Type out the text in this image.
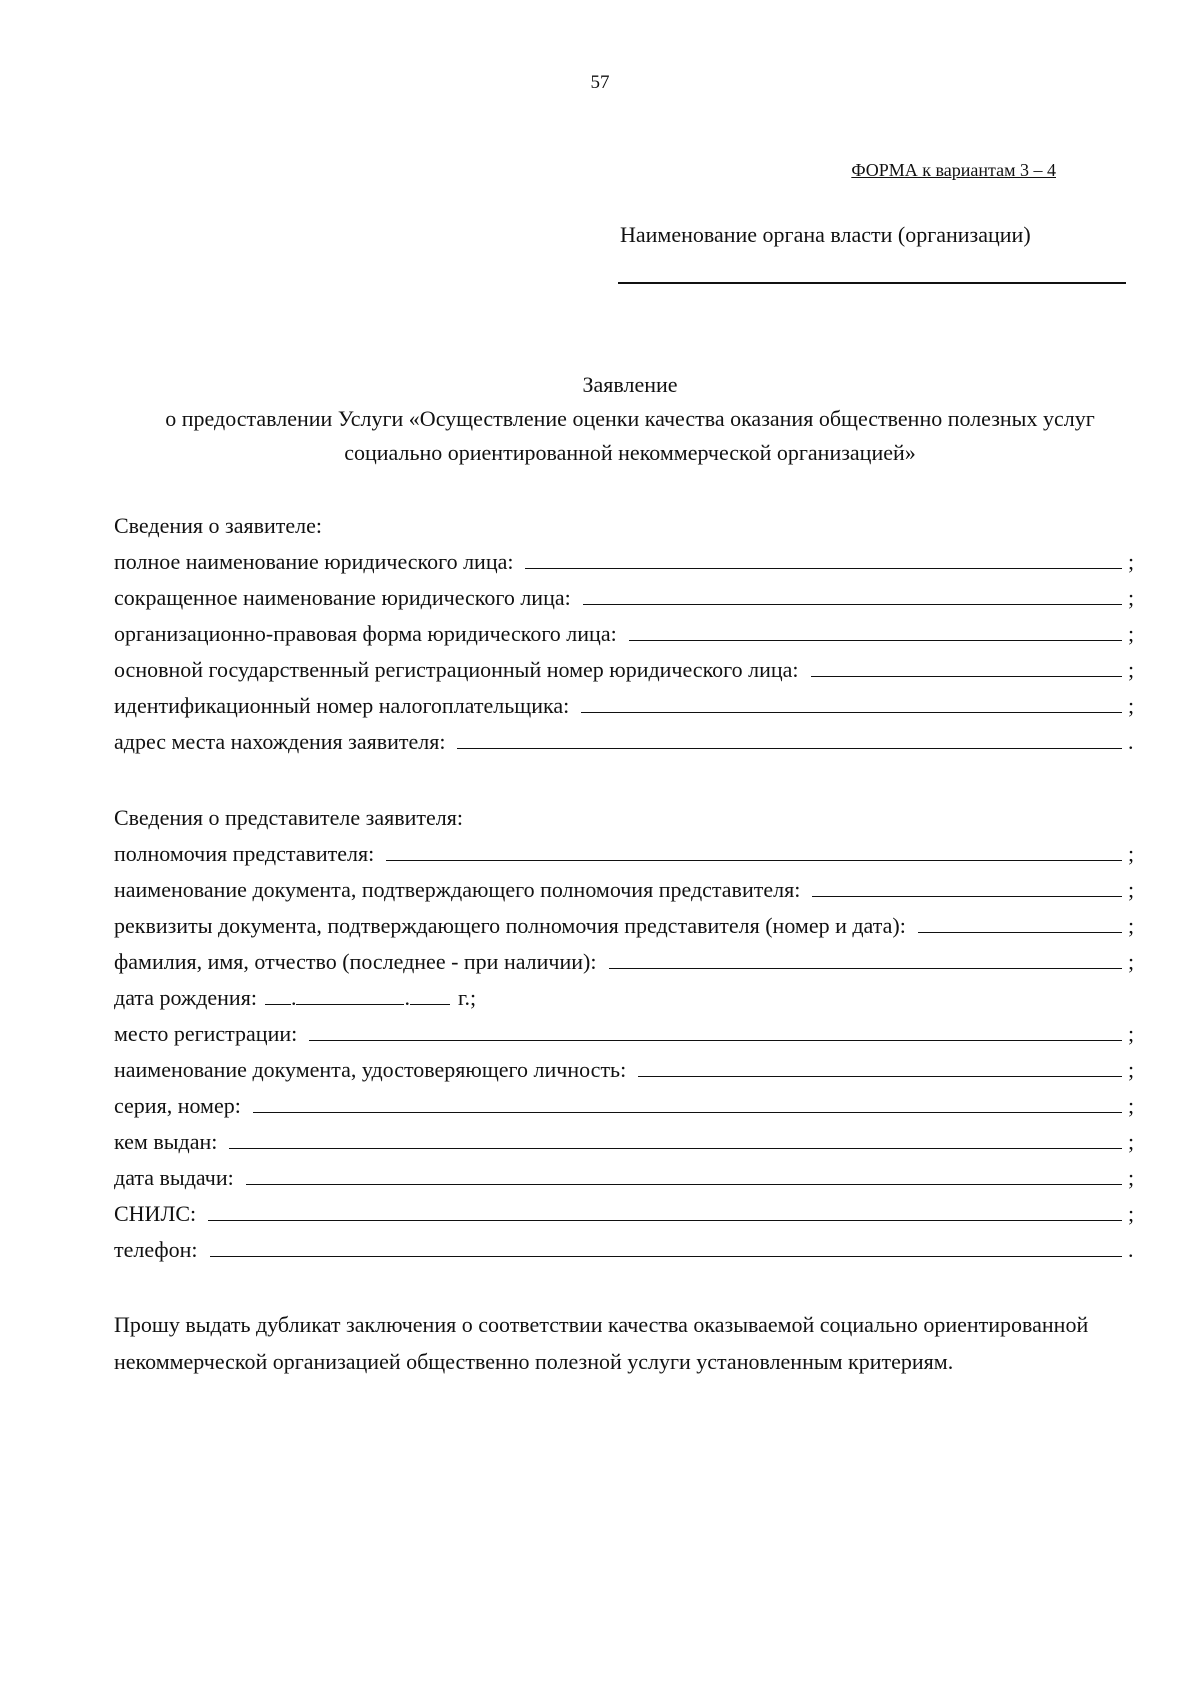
57
ФОРМА к вариантам 3 – 4
Наименование органа власти (организации)
Заявление
о предоставлении Услуги «Осуществление оценки качества оказания общественно полезных услуг
социально ориентированной некоммерческой организацией»
Сведения о заявителе:
полное наименование юридического лица:	;
сокращенное наименование юридического лица:	;
организационно-правовая форма юридического лица:	;
основной государственный регистрационный номер юридического лица:	;
идентификационный номер налогоплательщика:	;
адрес места нахождения заявителя:	.
Сведения о представителе заявителя:
полномочия представителя:	;
наименование документа, подтверждающего полномочия представителя:	;
реквизиты документа, подтверждающего полномочия представителя (номер и дата):	;
фамилия, имя, отчество (последнее - при наличии):	;
дата рождения: .	. г.;
место регистрации:	;
наименование документа, удостоверяющего личность:	;
серия, номер:	;
кем выдан:	;
дата выдачи:	;
СНИЛС:	;
телефон:	.
Прошу выдать дубликат заключения о соответствии качества оказываемой социально ориентированной некоммерческой организацией общественно полезной услуги установленным критериям.
